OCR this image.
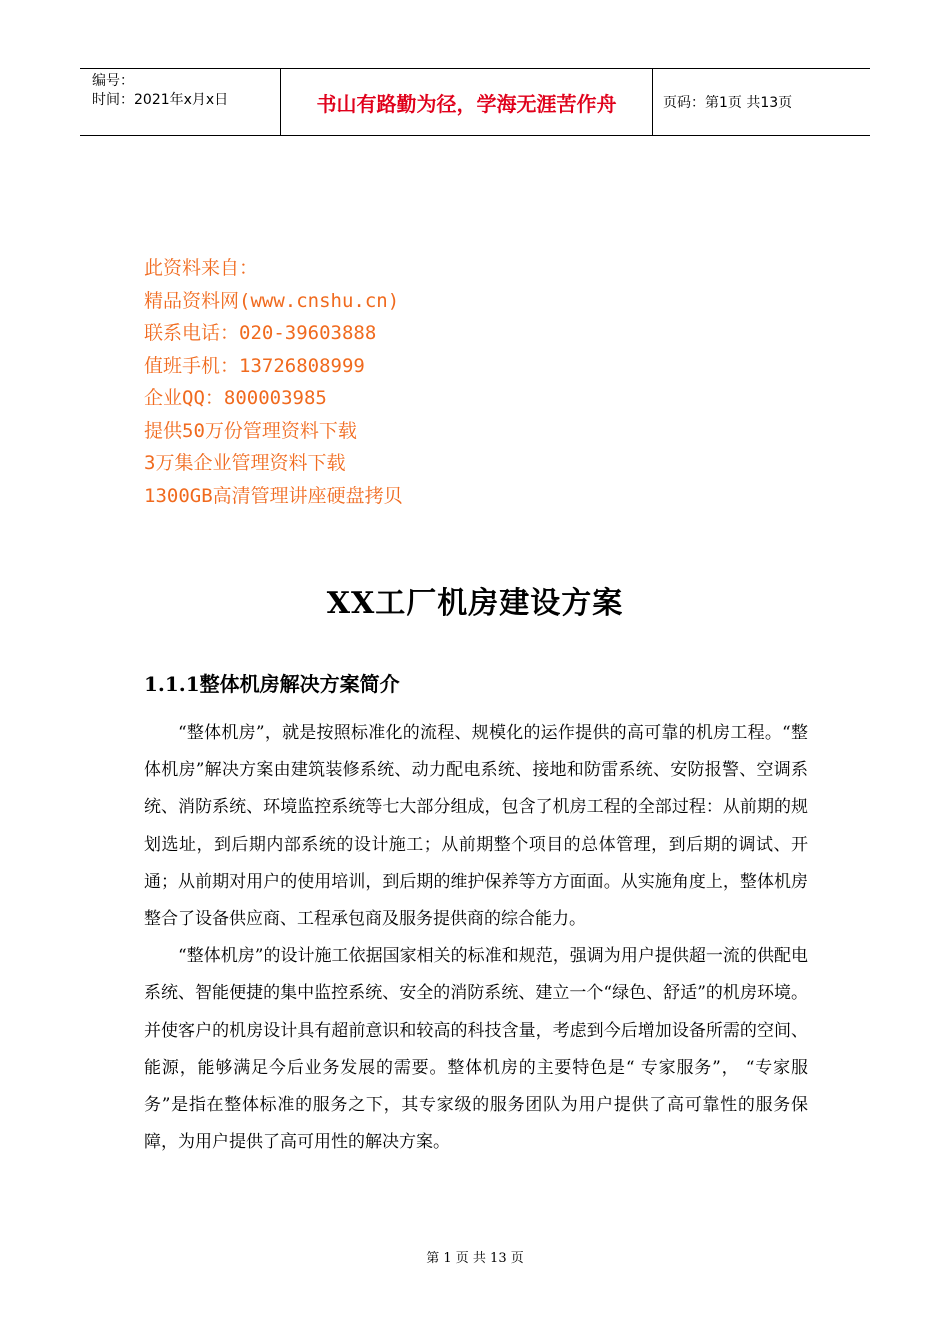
编号：
时间：2021年x月x日	书山有路勤为径，学海无涯苦作舟	页码：第1页 共13页
此资料来自：
精品资料网(www.cnshu.cn)
联系电话：020-39603888
值班手机：13726808999
企业QQ：800003985
提供50万份管理资料下载
3万集企业管理资料下载
1300GB高清管理讲座硬盘拷贝
XX工厂机房建设方案
1.1.1整体机房解决方案简介

“整体机房”，就是按照标准化的流程、规模化的运作提供的高可靠的机房工程。“整体机房”解决方案由建筑装修系统、动力配电系统、接地和防雷系统、安防报警、空调系统、消防系统、环境监控系统等七大部分组成，包含了机房工程的全部过程：从前期的规划选址，到后期内部系统的设计施工；从前期整个项目的总体管理，到后期的调试、开通；从前期对用户的使用培训，到后期的维护保养等方方面面。从实施角度上，整体机房整合了设备供应商、工程承包商及服务提供商的综合能力。

“整体机房”的设计施工依据国家相关的标准和规范，强调为用户提供超一流的供配电系统、智能便捷的集中监控系统、安全的消防系统、建立一个“绿色、舒适”的机房环境。并使客户的机房设计具有超前意识和较高的科技含量，考虑到今后增加设备所需的空间、能源，能够满足今后业务发展的需要。整体机房的主要特色是“ 专家服务”， “专家服务”是指在整体标准的服务之下，其专家级的服务团队为用户提供了高可靠性的服务保障，为用户提供了高可用性的解决方案。

第 1 页 共 13 页
